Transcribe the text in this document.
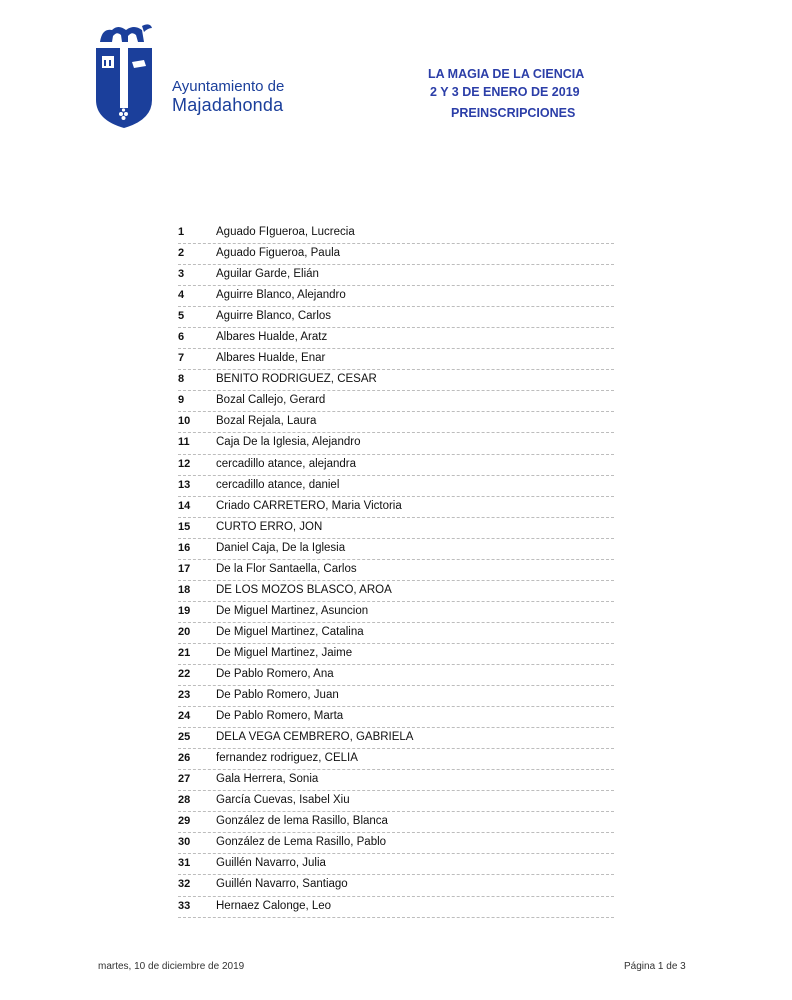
Ayuntamiento de
Majadahonda
LA MAGIA DE LA CIENCIA
2 Y 3 DE ENERO DE 2019
PREINSCRIPCIONES
1	Aguado FIgueroa, Lucrecia
2	Aguado Figueroa, Paula
3	Aguilar Garde, Elián
4	Aguirre Blanco, Alejandro
5	Aguirre Blanco, Carlos
6	Albares Hualde, Aratz
7	Albares Hualde, Enar
8	BENITO RODRIGUEZ, CESAR
9	Bozal Callejo, Gerard
10	Bozal Rejala, Laura
11	Caja De la Iglesia, Alejandro
12	cercadillo atance, alejandra
13	cercadillo atance, daniel
14	Criado CARRETERO, Maria Victoria
15	CURTO ERRO, JON
16	Daniel Caja, De la Iglesia
17	De la Flor Santaella, Carlos
18	DE LOS MOZOS BLASCO, AROA
19	De Miguel Martinez, Asuncion
20	De Miguel Martinez, Catalina
21	De Miguel Martinez, Jaime
22	De Pablo Romero, Ana
23	De Pablo Romero, Juan
24	De Pablo Romero, Marta
25	DELA VEGA CEMBRERO, GABRIELA
26	fernandez rodriguez, CELIA
27	Gala Herrera, Sonia
28	García Cuevas, Isabel Xiu
29	González de lema Rasillo, Blanca
30	González de Lema Rasillo, Pablo
31	Guillén Navarro, Julia
32	Guillén Navarro, Santiago
33	Hernaez Calonge, Leo
martes, 10 de diciembre de 2019	Página 1 de 3
